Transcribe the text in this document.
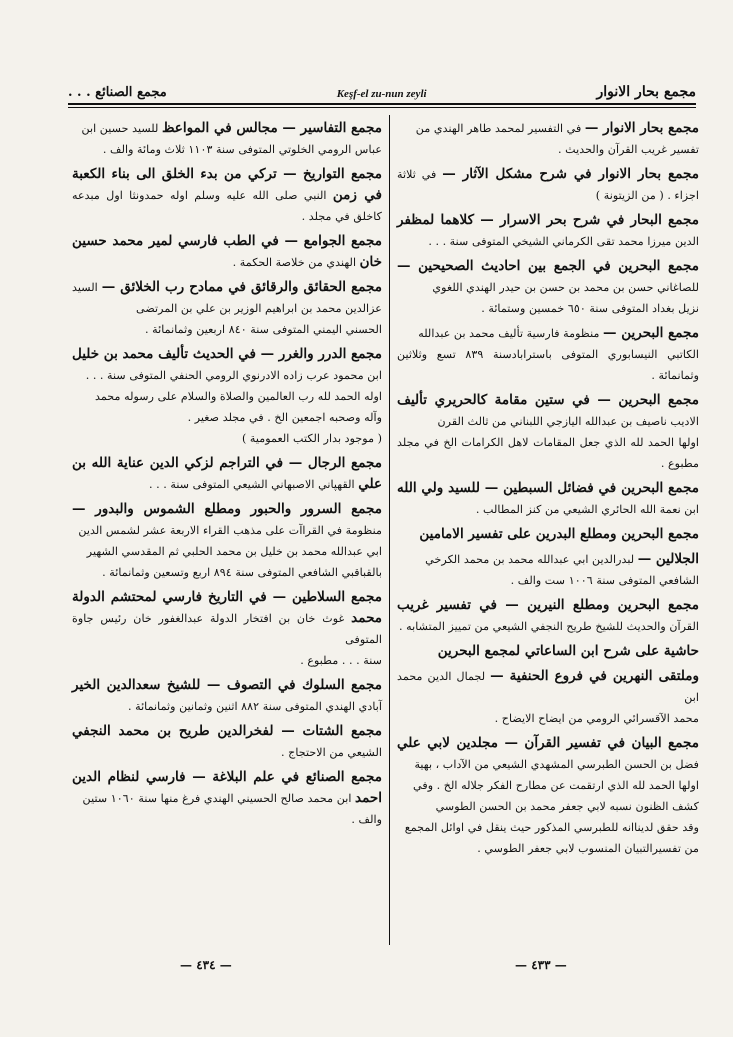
مجمع الصنائع . . .	Keşf-el zu-nun zeyli	مجمع بحار الانوار
مجمع بحار الانوار — في التفسير لمحمد طاهر الهندي من
تفسير غريب القرآن والحديث .
مجمع بحار الانوار في شرح مشكل الآثار — في ثلاثة اجزاء . ( من الزيتونة )
مجمع البحار في شرح بحر الاسرار — كلاهما لمظفر الدين ميرزا محمد تقى الكرماني الشيخي المتوفى سنة . . .
مجمع البحرين في الجمع بين احاديث الصحيحين — للصاغاني حسن بن محمد بن حسن بن حيدر الهندي اللغوي
نزيل بغداد المتوفى سنة ٦٥٠ خمسين وستمائة .
مجمع البحرين — منظومة فارسية تأليف محمد بن عبدالله
الكاتبي النيسابوري المتوفى باسترابادسنة ٨٣٩ تسع وثلاثين وثمانمائة .
مجمع البحرين — في ستين مقامة كالحريري تأليف الاديب ناصيف بن عبدالله اليازجي اللبناني من ثالث القرن
اولها الحمد لله الذي جعل المقامات لاهل الكرامات الخ في مجلد مطبوع .
مجمع البحرين في فضائل السبطين — للسيد ولي الله ابن نعمة الله الحائري الشيعي من كنز المطالب .
مجمع البحرين ومطلع البدرين على تفسير الامامين
الجلالين — لبدرالدين ابي عبدالله محمد بن محمد الكرخي
الشافعي المتوفى سنة ١٠٠٦ ست والف .
مجمع البحرين ومطلع النيرين — في تفسير غريب القرآن والحديث للشيخ طريح النجفي الشيعي من تمييز المتشابه .
حاشية على شرح ابن الساعاتي لمجمع البحرين
وملتقى النهرين في فروع الحنفية — لجمال الدين محمد ابن
محمد الآقسرائي الرومي من ايضاح الايضاح .
مجمع البيان في تفسير القرآن — مجلدين لابي علي فضل بن الحسن الطبرسي المشهدي الشيعي من الآداب ، بهية
اولها الحمد لله الذي ارتقمت عن مطارح الفكر جلاله الخ . وفي
كشف الظنون نسبه لابي جعفر محمد بن الحسن الطوسي
وقد حقق لديناانه للطبرسي المذكور حيث ينقل في اوائل المجمع
من تفسيرالتبيان المنسوب لابي جعفر الطوسي .
مجمع التفاسير — مجالس في المواعظ للسيد حسين ابن
عباس الرومي الخلوتي المتوفى سنة ١١٠٣ ثلاث ومائة والف .
مجمع التواريخ — تركي من بدء الخلق الى بناء الكعبة في زمن النبي صلى الله عليه وسلم اوله حمدونثا اول مبدعه كاخلق في مجلد .
مجمع الجوامع — في الطب فارسي لمير محمد حسين خان الهندي من خلاصة الحكمة .
مجمع الحقائق والرقائق في ممادح رب الخلائق — السيد عزالدين محمد بن ابراهيم الوزير بن علي بن المرتضى
الحسني اليمني المتوفى سنة ٨٤٠ اربعين وثمانمائة .
مجمع الدرر والغرر — في الحديث تأليف محمد بن خليل ابن محمود عرب زاده الادرنوي الرومي الحنفي المتوفى سنة . . .
اوله الحمد لله رب العالمين والصلاة والسلام على رسوله محمد
وآله وصحبه اجمعين الخ . في مجلد صغير .
( موجود بدار الكتب العمومية )
مجمع الرجال — في التراجم لزكي الدين عناية الله بن علي القهپاني الاصبهاني الشيعي المتوفى سنة . . .
مجمع السرور والحبور ومطلع الشموس والبدور — منظومة في القراآت على مذهب القراء الاربعة عشر لشمس الدين
ابي عبدالله محمد بن خليل بن محمد الحلبي ثم المقدسي الشهير
بالقباقبي الشافعي المتوفى سنة ٨٩٤ اربع وتسعين وثمانمائة .
مجمع السلاطين — في التاريخ فارسي لمحتشم الدولة محمد غوث خان بن افتخار الدولة عبدالغفور خان رئيس جاوة المتوفى
سنة . . . مطبوع .
مجمع السلوك في التصوف — للشيخ سعدالدين الخير آبادي الهندي المتوفى سنة ٨٨٢ اثنين وثمانين وثمانمائة .
مجمع الشتات — لفخرالدين طريح بن محمد النجفي الشيعي من الاحتجاج .
مجمع الصنائع في علم البلاغة — فارسي لنظام الدين احمد ابن محمد صالح الحسيني الهندي فرغ منها سنة ١٠٦٠ ستين
والف .
— ٤٣٣ —
— ٤٣٤ —
